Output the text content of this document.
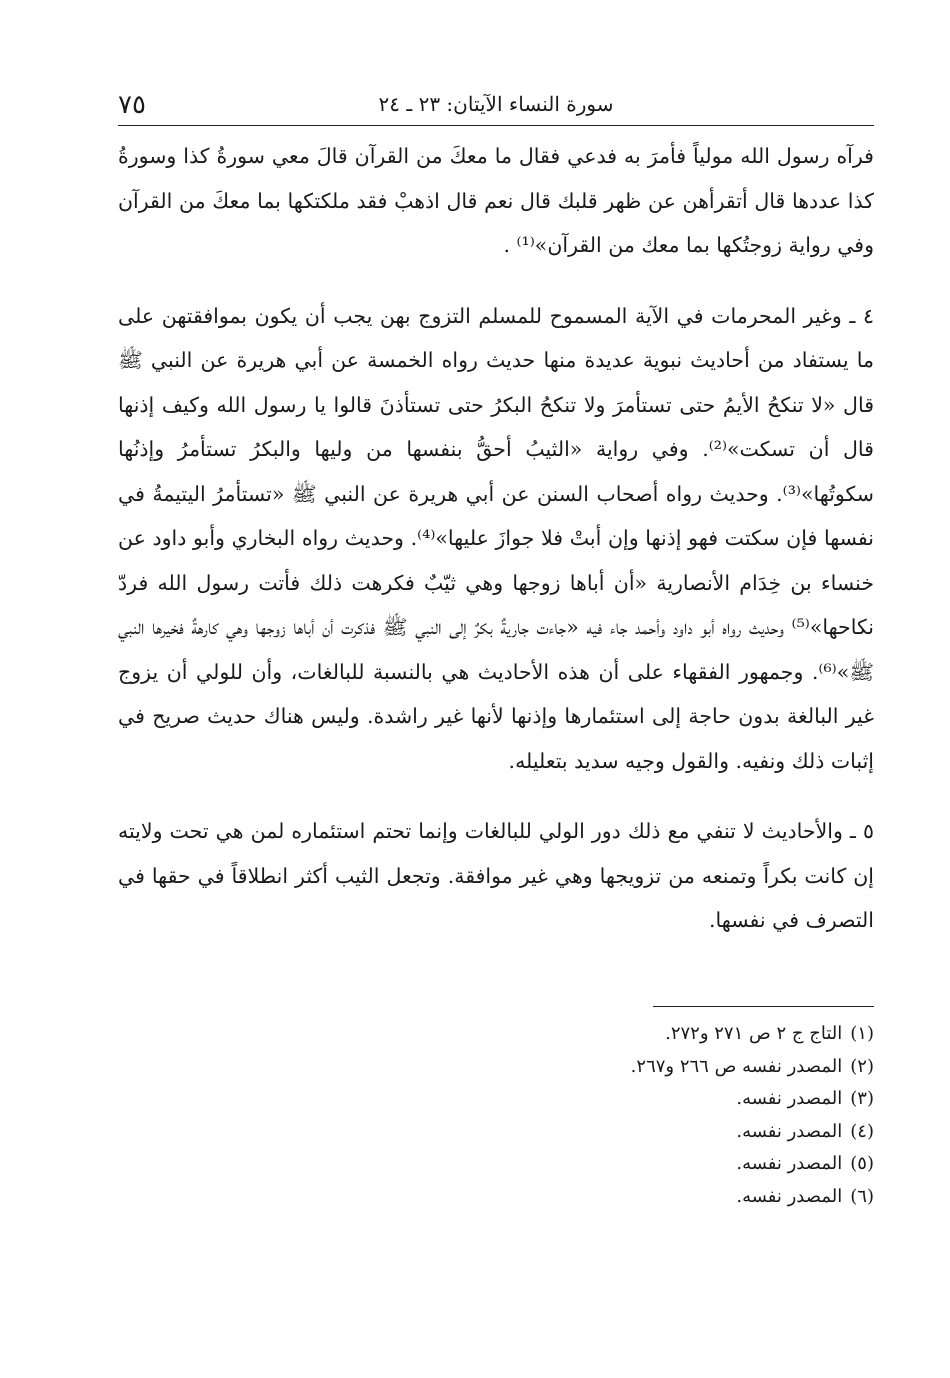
٧٥	سورة النساء الآيتان: ٢٣ ـ ٢٤

فرآه رسول الله مولياً فأمرَ به فدعي فقال ما معكَ من القرآن قالَ معي سورةُ كذا وسورةُ كذا عددها قال أتقرأهن عن ظهر قلبك قال نعم قال اذهبْ فقد ملكتكها بما معكَ من القرآن وفي رواية زوجتُكها بما معك من القرآن»⁽¹⁾ .

٤ ـ وغير المحرمات في الآية المسموح للمسلم التزوج بهن يجب أن يكون بموافقتهن على ما يستفاد من أحاديث نبوية عديدة منها حديث رواه الخمسة عن أبي هريرة عن النبي ﷺ قال «لا تنكحُ الأيمُ حتى تستأمرَ ولا تنكحُ البكرُ حتى تستأذنَ قالوا يا رسول الله وكيف إذنها قال أن تسكت»⁽²⁾. وفي رواية «الثيبُ أحقُّ بنفسها من وليها والبكرُ تستأمرُ وإذنُها سكوتُها»⁽³⁾. وحديث رواه أصحاب السنن عن أبي هريرة عن النبي ﷺ «تستأمرُ اليتيمةُ في نفسها فإن سكتت فهو إذنها وإن أبتْ فلا جوازَ عليها»⁽⁴⁾. وحديث رواه البخاري وأبو داود عن خنساء بن خِدَام الأنصارية «أن أباها زوجها وهي ثيّبٌ فكرهت ذلك فأتت رسول الله فردّ نكاحها»⁽⁵⁾ وحديث رواه أبو داود وأحمد جاء فيه «جاءت جاريةٌ بكرٌ إلى النبي ﷺ فذكرت أن أباها زوجها وهي كارهةٌ فخيرها النبي ﷺ»⁽⁶⁾. وجمهور الفقهاء على أن هذه الأحاديث هي بالنسبة للبالغات، وأن للولي أن يزوج غير البالغة بدون حاجة إلى استئمارها وإذنها لأنها غير راشدة. وليس هناك حديث صريح في إثبات ذلك ونفيه. والقول وجيه سديد بتعليله.

٥ ـ والأحاديث لا تنفي مع ذلك دور الولي للبالغات وإنما تحتم استئماره لمن هي تحت ولايته إن كانت بكراً وتمنعه من تزويجها وهي غير موافقة. وتجعل الثيب أكثر انطلاقاً في حقها في التصرف في نفسها.

(١)التاج ج ٢ ص ٢٧١ و٢٧٢.
(٢)المصدر نفسه ص ٢٦٦ و٢٦٧.
(٣)المصدر نفسه.
(٤)المصدر نفسه.
(٥)المصدر نفسه.
(٦)المصدر نفسه.
